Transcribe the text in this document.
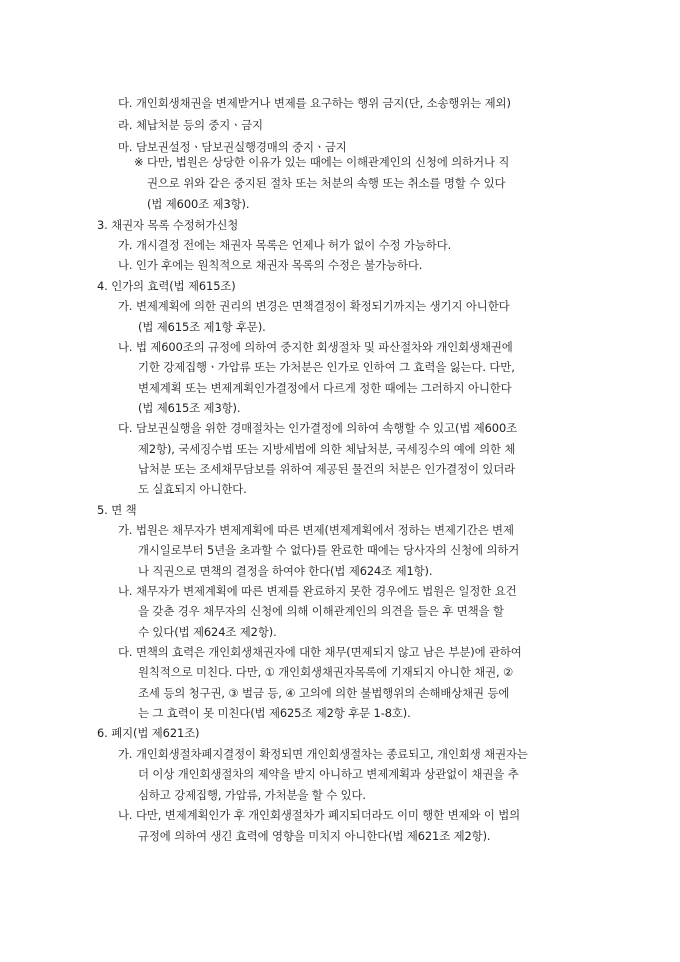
다. 개인회생채권을 변제받거나 변제를 요구하는 행위 금지(단, 소송행위는 제외)
라. 체납처분 등의 중지ㆍ금지
마. 담보권설정ㆍ담보권실행경매의 중지ㆍ금지
※ 다만, 법원은 상당한 이유가 있는 때에는 이해관계인의 신청에 의하거나 직
권으로 위와 같은 중지된 절차 또는 처분의 속행 또는 취소를 명할 수 있다
(법 제600조 제3항).
3. 채권자 목록 수정허가신청
가. 개시결정 전에는 채권자 목록은 언제나 허가 없이 수정 가능하다.
나. 인가 후에는 원칙적으로 채권자 목록의 수정은 불가능하다.
4. 인가의 효력(법 제615조)
가. 변제계획에 의한 권리의 변경은 면책결정이 확정되기까지는 생기지 아니한다
(법 제615조 제1항 후문).
나. 법 제600조의 규정에 의하여 중지한 회생절차 및 파산절차와 개인회생채권에
기한 강제집행ㆍ가압류 또는 가처분은 인가로 인하여 그 효력을 잃는다. 다만,
변제계획 또는 변제계획인가결정에서 다르게 정한 때에는 그러하지 아니한다
(법 제615조 제3항).
다. 담보권실행을 위한 경매절차는 인가결정에 의하여 속행할 수 있고(법 제600조
제2항), 국세징수법 또는 지방세법에 의한 체납처분, 국세징수의 예에 의한 체
납처분 또는 조세채무담보를 위하여 제공된 물건의 처분은 인가결정이 있더라
도 실효되지 아니한다.
5. 면 책
가. 법원은 채무자가 변제계획에 따른 변제(변제계획에서 정하는 변제기간은 변제
개시일로부터 5년을 초과할 수 없다)를 완료한 때에는 당사자의 신청에 의하거
나 직권으로 면책의 결정을 하여야 한다(법 제624조 제1항).
나. 채무자가 변제계획에 따른 변제를 완료하지 못한 경우에도 법원은 일정한 요건
을 갖춘 경우 채무자의 신청에 의해 이해관계인의 의견을 들은 후 면책을 할
수 있다(법 제624조 제2항).
다. 면책의 효력은 개인회생채권자에 대한 채무(면제되지 않고 남은 부분)에 관하여
원칙적으로 미친다. 다만, ① 개인회생채권자목록에 기재되지 아니한 채권, ②
조세 등의 청구권, ③ 벌금 등, ④ 고의에 의한 불법행위의 손해배상채권 등에
는 그 효력이 못 미친다(법 제625조 제2항 후문 1-8호).
6. 폐지(법 제621조)
가. 개인회생절차폐지결정이 확정되면 개인회생절차는 종료되고, 개인회생 채권자는
더 이상 개인회생절차의 제약을 받지 아니하고 변제계획과 상관없이 채권을 추
심하고 강제집행, 가압류, 가처분을 할 수 있다.
나. 다만, 변제계획인가 후 개인회생절차가 폐지되더라도 이미 행한 변제와 이 법의
규정에 의하여 생긴 효력에 영향을 미치지 아니한다(법 제621조 제2항).
